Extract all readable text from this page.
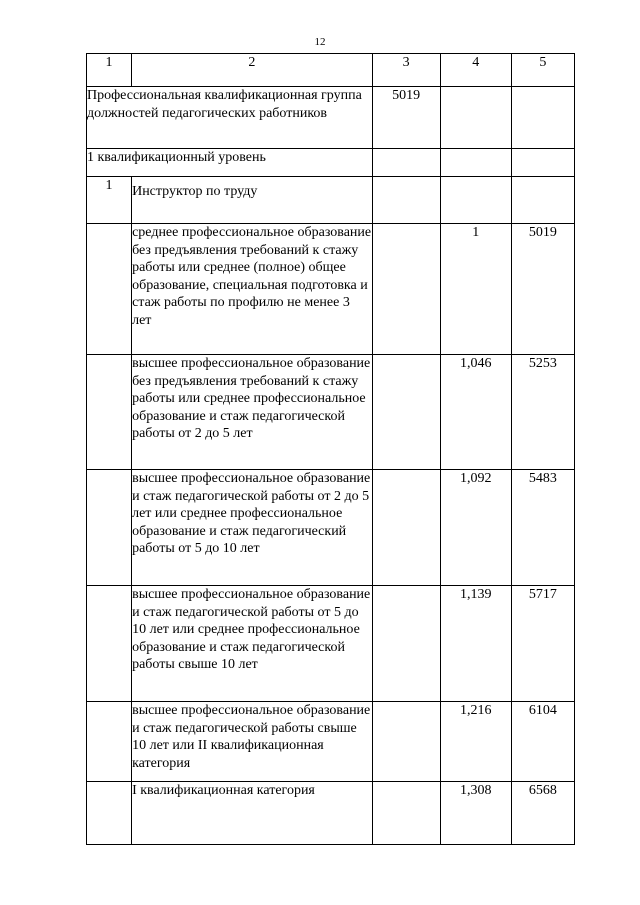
12
1	2	3	4	5
Профессиональная квалификационная группа должностей педагогических работников		5019		
1 квалификационный уровень				
1	Инструктор по труду			
	среднее профессиональное образование без предъявления требований к стажу работы или среднее (полное) общее образование, специальная подготовка и стаж работы по профилю не менее 3 лет		1	5019
	высшее профессиональное образование без предъявления требований к стажу работы или среднее профессиональное образование и стаж педагогической работы от 2 до 5 лет		1,046	5253
	высшее профессиональное образование и стаж педагогической работы от 2 до 5 лет или среднее профессиональное образование и стаж педагогический работы от 5 до 10 лет		1,092	5483
	высшее профессиональное образование и стаж педагогической работы от 5 до 10 лет или среднее профессиональное образование и стаж педагогической работы свыше 10 лет		1,139	5717
	высшее профессиональное образование и стаж педагогической работы свыше 10 лет или II квалификационная категория		1,216	6104
	I квалификационная категория		1,308	6568
